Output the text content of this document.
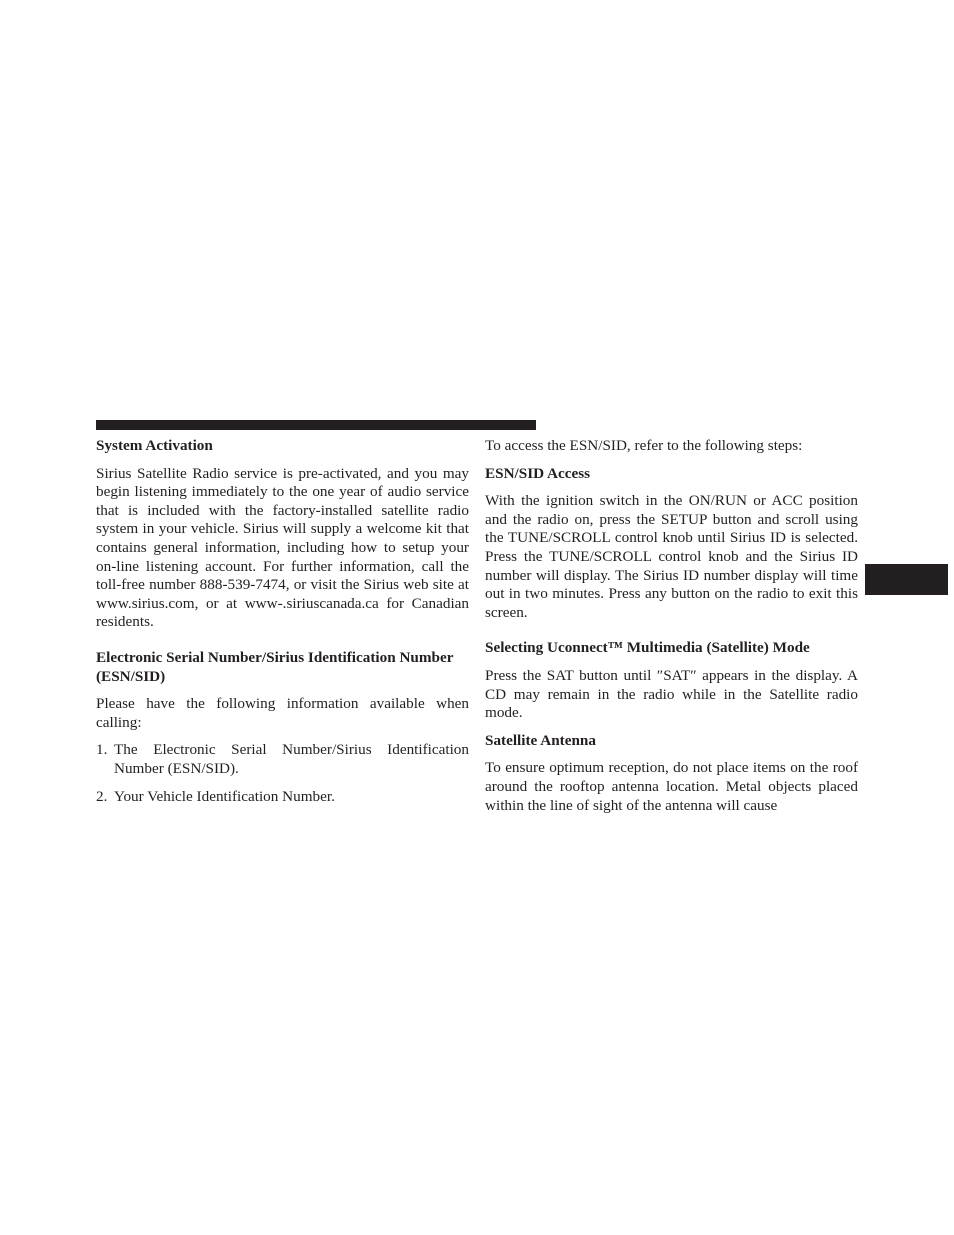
System Activation
Sirius Satellite Radio service is pre-activated, and you may begin listening immediately to the one year of audio service that is included with the factory-installed satellite radio system in your vehicle. Sirius will supply a welcome kit that contains general information, including how to setup your on-line listening account. For further information, call the toll-free number 888-539-7474, or visit the Sirius web site at www.sirius.com, or at www-.siriuscanada.ca for Canadian residents.
Electronic Serial Number/Sirius Identification Number (ESN/SID)
Please have the following information available when calling:
1. The Electronic Serial Number/Sirius Identification Number (ESN/SID).
2. Your Vehicle Identification Number.
To access the ESN/SID, refer to the following steps:
ESN/SID Access
With the ignition switch in the ON/RUN or ACC position and the radio on, press the SETUP button and scroll using the TUNE/SCROLL control knob until Sirius ID is selected. Press the TUNE/SCROLL control knob and the Sirius ID number will display. The Sirius ID number display will time out in two minutes. Press any button on the radio to exit this screen.
Selecting Uconnect™ Multimedia (Satellite) Mode
Press the SAT button until ″SAT″ appears in the display. A CD may remain in the radio while in the Satellite radio mode.
Satellite Antenna
To ensure optimum reception, do not place items on the roof around the rooftop antenna location. Metal objects placed within the line of sight of the antenna will cause
